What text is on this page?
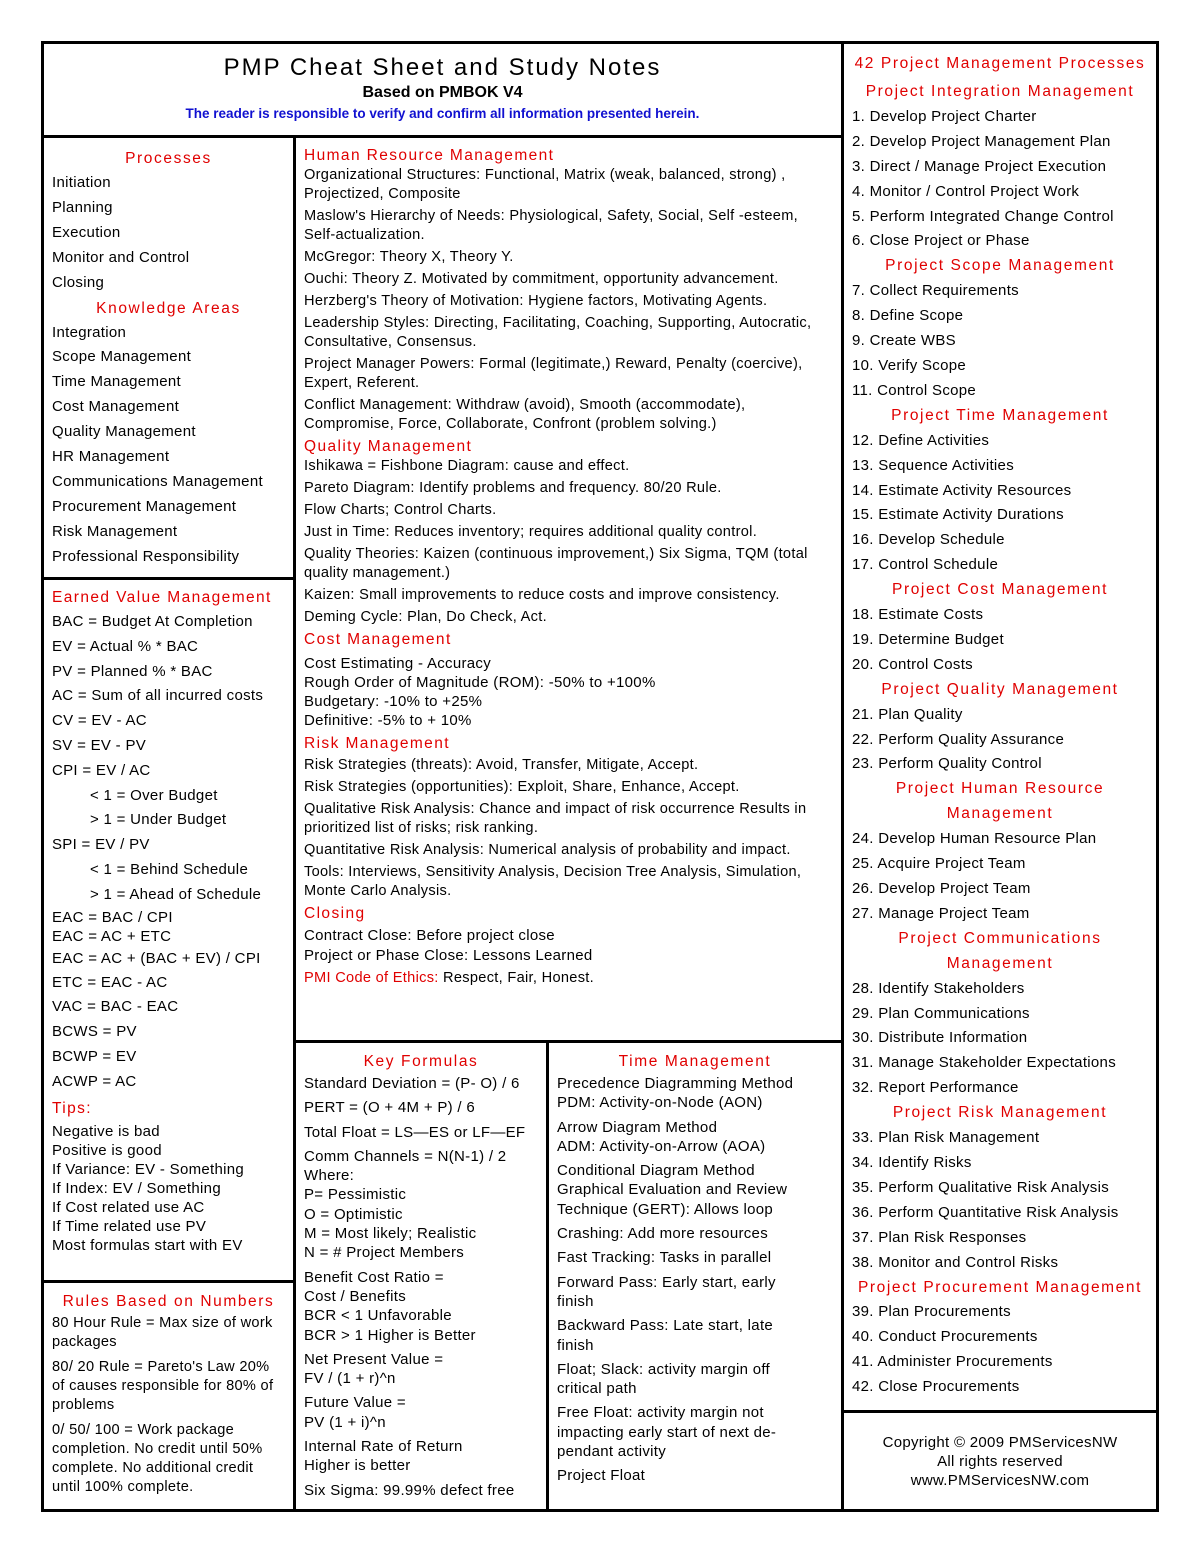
PMP Cheat Sheet and Study Notes
Based on PMBOK V4
The reader is responsible to verify and confirm all information presented herein.
Processes
Initiation
Planning
Execution
Monitor and Control
Closing
Knowledge Areas
Integration
Scope Management
Time Management
Cost Management
Quality Management
HR Management
Communications Management
Procurement Management
Risk Management
Professional Responsibility
Earned Value Management
BAC = Budget At Completion
EV = Actual % * BAC
PV = Planned % * BAC
AC = Sum of all incurred costs
CV = EV - AC
SV = EV - PV
CPI = EV / AC
< 1 = Over Budget
> 1 = Under Budget
SPI = EV / PV
< 1 = Behind Schedule
> 1 = Ahead of Schedule
EAC = BAC / CPI
EAC = AC + ETC
EAC = AC + (BAC + EV) / CPI
ETC = EAC - AC
VAC = BAC - EAC
BCWS = PV
BCWP = EV
ACWP = AC
Tips:
Negative is bad
Positive is good
If Variance: EV - Something
If Index: EV / Something
If Cost related use AC
If Time related use PV
Most formulas start with EV
Rules Based on Numbers
80 Hour Rule = Max size of work packages
80/ 20 Rule = Pareto's Law 20% of causes responsible for 80% of problems
0/ 50/ 100 = Work package completion. No credit until 50% complete. No additional credit until 100% complete.
Human Resource Management
Organizational Structures: Functional, Matrix (weak, balanced, strong) , Projectized, Composite
Maslow's Hierarchy of Needs: Physiological, Safety, Social, Self -esteem, Self-actualization.
McGregor: Theory X, Theory Y.
Ouchi: Theory Z. Motivated by commitment, opportunity advancement.
Herzberg's Theory of Motivation: Hygiene factors, Motivating Agents.
Leadership Styles: Directing, Facilitating, Coaching, Supporting, Autocratic, Consultative, Consensus.
Project Manager Powers: Formal (legitimate,) Reward, Penalty (coercive), Expert, Referent.
Conflict Management: Withdraw (avoid), Smooth (accommodate), Compromise, Force, Collaborate, Confront (problem solving.)
Quality Management
Ishikawa = Fishbone Diagram: cause and effect.
Pareto Diagram: Identify problems and frequency. 80/20 Rule.
Flow Charts; Control Charts.
Just in Time: Reduces inventory; requires additional quality control.
Quality Theories: Kaizen (continuous improvement,) Six Sigma, TQM (total quality management.)
Kaizen: Small improvements to reduce costs and improve consistency.
Deming Cycle: Plan, Do Check, Act.
Cost Management
Cost Estimating - Accuracy
Rough Order of Magnitude (ROM): -50% to +100%
Budgetary: -10% to +25%
Definitive: -5% to + 10%
Risk Management
Risk Strategies (threats): Avoid, Transfer, Mitigate, Accept.
Risk Strategies (opportunities): Exploit, Share, Enhance, Accept.
Qualitative Risk Analysis: Chance and impact of risk occurrence Results in prioritized list of risks; risk ranking.
Quantitative Risk Analysis: Numerical analysis of probability and impact.
Tools: Interviews, Sensitivity Analysis, Decision Tree Analysis, Simulation, Monte Carlo Analysis.
Closing
Contract Close: Before project close
Project or Phase Close: Lessons Learned
PMI Code of Ethics: Respect, Fair, Honest.
Key Formulas
Standard Deviation = (P- O) / 6
PERT = (O + 4M + P) / 6
Total Float = LS—ES or LF—EF
Comm Channels = N(N-1) / 2
Where:
P= Pessimistic
O = Optimistic
M = Most likely; Realistic
N = # Project Members
Benefit Cost Ratio =
Cost / Benefits
BCR < 1 Unfavorable
BCR > 1 Higher is Better
Net Present Value =
FV / (1 + r)^n
Future Value =
PV (1 + i)^n
Internal Rate of Return
Higher is better
Six Sigma: 99.99% defect free
Time Management
Precedence Diagramming Method
PDM: Activity-on-Node (AON)
Arrow Diagram Method
ADM: Activity-on-Arrow (AOA)
Conditional Diagram Method
Graphical Evaluation and Review
Technique (GERT): Allows loop
Crashing: Add more resources
Fast Tracking: Tasks in parallel
Forward Pass: Early start, early
finish
Backward Pass: Late start, late
finish
Float; Slack: activity margin off
critical path
Free Float: activity margin not
impacting early start of next de-
pendant activity
Project Float
42 Project Management Processes
Project Integration Management
1. Develop Project Charter
2. Develop Project Management Plan
3. Direct / Manage Project Execution
4. Monitor / Control Project Work
5. Perform Integrated Change Control
6. Close Project or Phase
Project Scope Management
7. Collect Requirements
8. Define Scope
9. Create WBS
10. Verify Scope
11. Control Scope
Project Time Management
12. Define Activities
13. Sequence Activities
14. Estimate Activity Resources
15. Estimate Activity Durations
16. Develop Schedule
17. Control Schedule
Project Cost Management
18. Estimate Costs
19. Determine Budget
20. Control Costs
Project Quality Management
21. Plan Quality
22. Perform Quality Assurance
23. Perform Quality Control
Project Human Resource
Management
24. Develop Human Resource Plan
25. Acquire Project Team
26. Develop Project Team
27. Manage Project Team
Project Communications
Management
28. Identify Stakeholders
29. Plan Communications
30. Distribute Information
31. Manage Stakeholder Expectations
32. Report Performance
Project Risk Management
33. Plan Risk Management
34. Identify Risks
35. Perform Qualitative Risk Analysis
36. Perform Quantitative Risk Analysis
37. Plan Risk Responses
38. Monitor and Control Risks
Project Procurement Management
39. Plan Procurements
40. Conduct Procurements
41. Administer Procurements
42. Close Procurements
Copyright © 2009 PMServicesNW
All rights reserved
www.PMServicesNW.com
